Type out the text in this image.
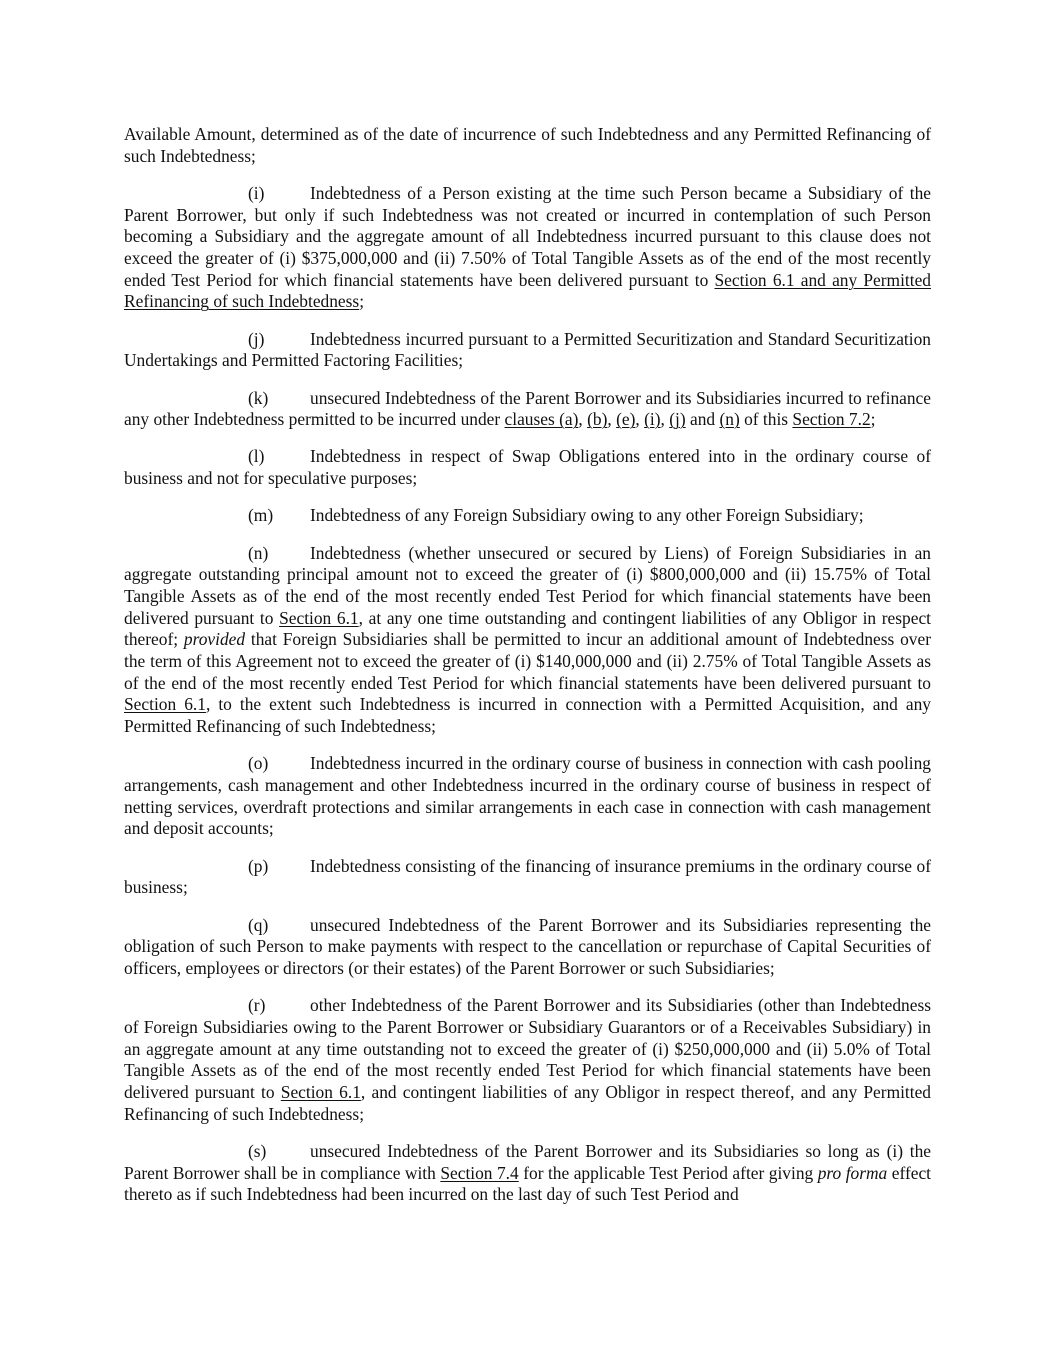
Available Amount, determined as of the date of incurrence of such Indebtedness and any Permitted Refinancing of such Indebtedness;

(i)	Indebtedness of a Person existing at the time such Person became a Subsidiary of the Parent Borrower, but only if such Indebtedness was not created or incurred in contemplation of such Person becoming a Subsidiary and the aggregate amount of all Indebtedness incurred pursuant to this clause does not exceed the greater of (i) $375,000,000 and (ii) 7.50% of Total Tangible Assets as of the end of the most recently ended Test Period for which financial statements have been delivered pursuant to Section 6.1 and any Permitted Refinancing of such Indebtedness;

(j)	Indebtedness incurred pursuant to a Permitted Securitization and Standard Securitization Undertakings and Permitted Factoring Facilities;

(k) unsecured Indebtedness of the Parent Borrower and its Subsidiaries incurred to refinance any other Indebtedness permitted to be incurred under clauses (a), (b), (e), (i), (j) and (n) of this Section 7.2;

(l)	Indebtedness in respect of Swap Obligations entered into in the ordinary course of business and not for speculative purposes;

(m) Indebtedness of any Foreign Subsidiary owing to any other Foreign Subsidiary;

(n) Indebtedness (whether unsecured or secured by Liens) of Foreign Subsidiaries in an aggregate outstanding principal amount not to exceed the greater of (i) $800,000,000 and (ii) 15.75% of Total Tangible Assets as of the end of the most recently ended Test Period for which financial statements have been delivered pursuant to Section 6.1, at any one time outstanding and contingent liabilities of any Obligor in respect thereof; provided that Foreign Subsidiaries shall be permitted to incur an additional amount of Indebtedness over the term of this Agreement not to exceed the greater of (i) $140,000,000 and (ii) 2.75% of Total Tangible Assets as of the end of the most recently ended Test Period for which financial statements have been delivered pursuant to Section 6.1, to the extent such Indebtedness is incurred in connection with a Permitted Acquisition, and any Permitted Refinancing of such Indebtedness;

(o) Indebtedness incurred in the ordinary course of business in connection with cash pooling arrangements, cash management and other Indebtedness incurred in the ordinary course of business in respect of netting services, overdraft protections and similar arrangements in each case in connection with cash management and deposit accounts;

(p) Indebtedness consisting of the financing of insurance premiums in the ordinary course of business;

(q) unsecured Indebtedness of the Parent Borrower and its Subsidiaries representing the obligation of such Person to make payments with respect to the cancellation or repurchase of Capital Securities of officers, employees or directors (or their estates) of the Parent Borrower or such Subsidiaries;

(r)	other Indebtedness of the Parent Borrower and its Subsidiaries (other than Indebtedness of Foreign Subsidiaries owing to the Parent Borrower or Subsidiary Guarantors or of a Receivables Subsidiary) in an aggregate amount at any time outstanding not to exceed the greater of (i) $250,000,000 and (ii) 5.0% of Total Tangible Assets as of the end of the most recently ended Test Period for which financial statements have been delivered pursuant to Section 6.1, and contingent liabilities of any Obligor in respect thereof, and any Permitted Refinancing of such Indebtedness;

(s)	unsecured Indebtedness of the Parent Borrower and its Subsidiaries so long as (i) the Parent Borrower shall be in compliance with Section 7.4 for the applicable Test Period after giving pro forma effect thereto as if such Indebtedness had been incurred on the last day of such Test Period and
